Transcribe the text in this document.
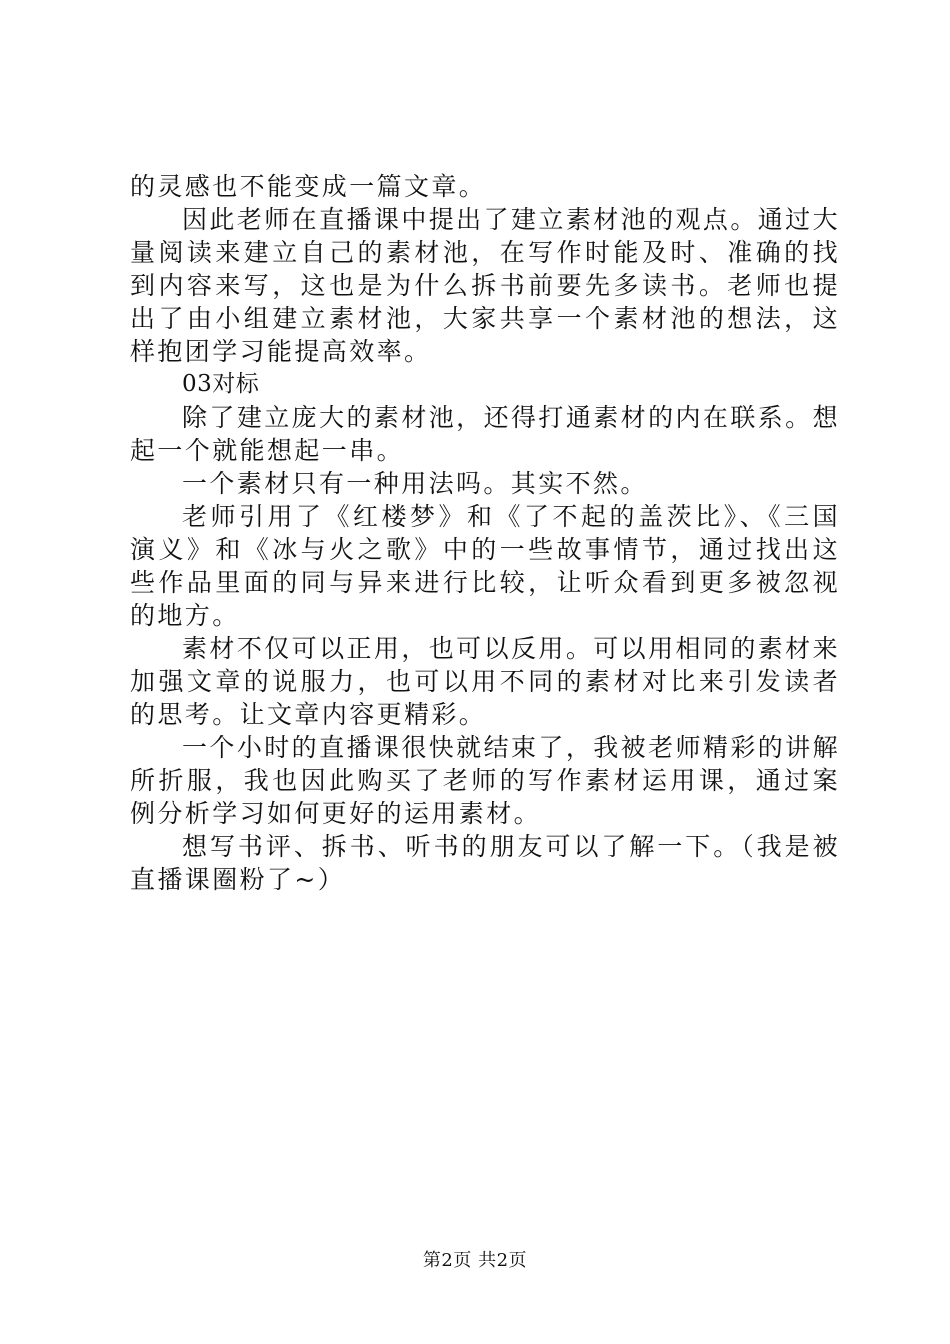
的灵感也不能变成一篇文章。

因此老师在直播课中提出了建立素材池的观点。通过大量阅读来建立自己的素材池，在写作时能及时、准确的找到内容来写，这也是为什么拆书前要先多读书。老师也提出了由小组建立素材池，大家共享一个素材池的想法，这样抱团学习能提高效率。

03对标

除了建立庞大的素材池，还得打通素材的内在联系。想起一个就能想起一串。

一个素材只有一种用法吗。其实不然。

老师引用了《红楼梦》和《了不起的盖茨比》、《三国演义》和《冰与火之歌》中的一些故事情节，通过找出这些作品里面的同与异来进行比较，让听众看到更多被忽视的地方。

素材不仅可以正用，也可以反用。可以用相同的素材来加强文章的说服力，也可以用不同的素材对比来引发读者的思考。让文章内容更精彩。

一个小时的直播课很快就结束了，我被老师精彩的讲解所折服，我也因此购买了老师的写作素材运用课，通过案例分析学习如何更好的运用素材。

想写书评、拆书、听书的朋友可以了解一下。（我是被直播课圈粉了~）

第2页 共2页
